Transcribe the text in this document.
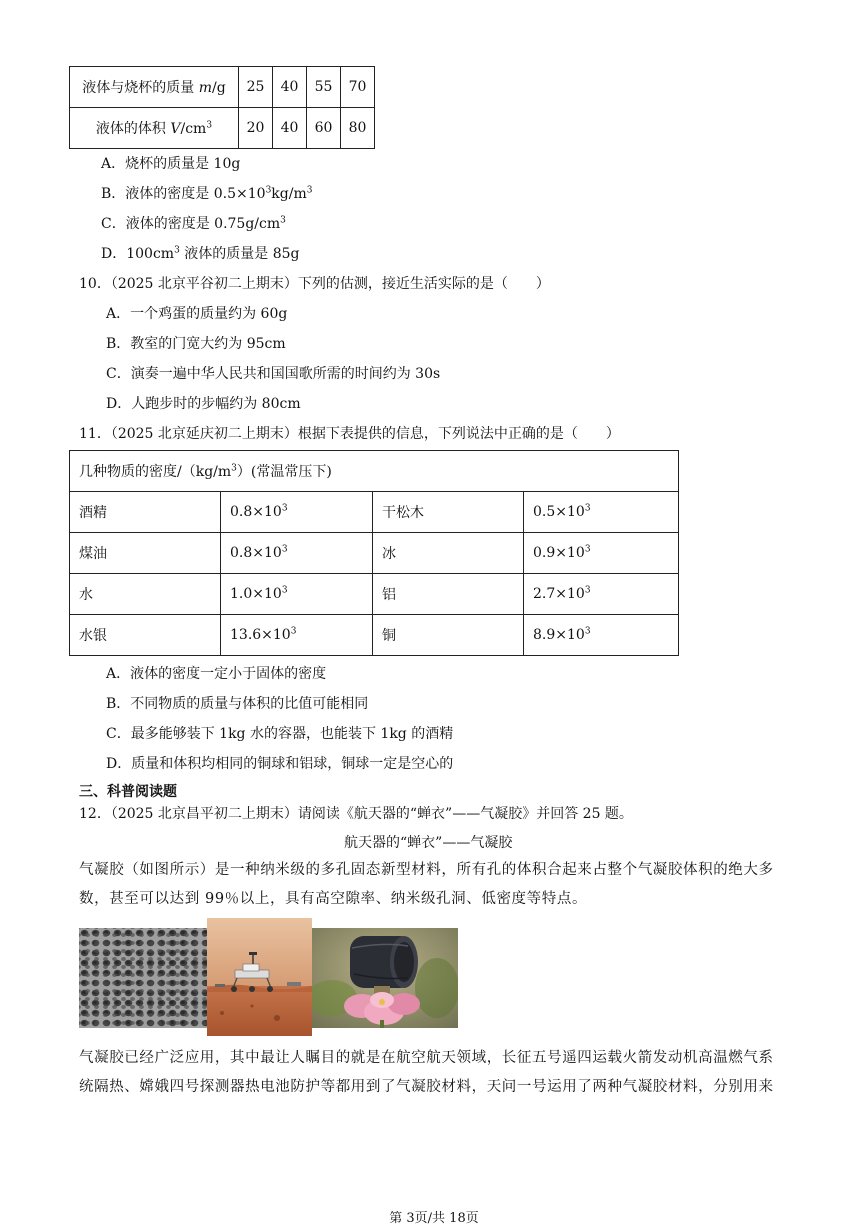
液体与烧杯的质量 m/g	25	40	55	70
液体的体积 $V/cm^3$	20	40	60	80
A．烧杯的质量是 10g
B．液体的密度是 $0.5\times 10^3kg/m^3$
C．液体的密度是 $0.75g/cm^3$
D．$100cm^3$ 液体的质量是 85g
10．（2025 北京平谷初二上期末）下列的估测，接近生活实际的是（　　）
A．一个鸡蛋的质量约为 60g
B．教室的门宽大约为 95cm
C．演奏一遍中华人民共和国国歌所需的时间约为 30s
D．人跑步时的步幅约为 80cm
11．（2025 北京延庆初二上期末）根据下表提供的信息，下列说法中正确的是（　　）
几种物质的密度$/(kg/m^3)$(常温常压下)			
酒精	$0.8\times 10^3$	干松木	$0.5\times 10^3$
煤油	$0.8\times 10^3$	冰	$0.9\times 10^3$
水	$1.0\times 10^3$	铝	$2.7\times 10^3$
水银	$13.6\times 10^3$	铜	$8.9\times 10^3$
A．液体的密度一定小于固体的密度
B．不同物质的质量与体积的比值可能相同
C．最多能够装下 1kg 水的容器，也能装下 1kg 的酒精
D．质量和体积均相同的铜球和铝球，铜球一定是空心的
三、科普阅读题
12．（2025 北京昌平初二上期末）请阅读《航天器的“蝉衣”——气凝胶》并回答 25 题。
航天器的“蝉衣”——气凝胶
气凝胶（如图所示）是一种纳米级的多孔固态新型材料，所有孔的体积合起来占整个气凝胶体积的绝大多数，甚至可以达到 99％以上，具有高空隙率、纳米级孔洞、低密度等特点。
气凝胶已经广泛应用，其中最让人瞩目的就是在航空航天领域，长征五号遥四运载火箭发动机高温燃气系统隔热、嫦娥四号探测器热电池防护等都用到了气凝胶材料，天问一号运用了两种气凝胶材料，分别用来
第 3页/共 18页
